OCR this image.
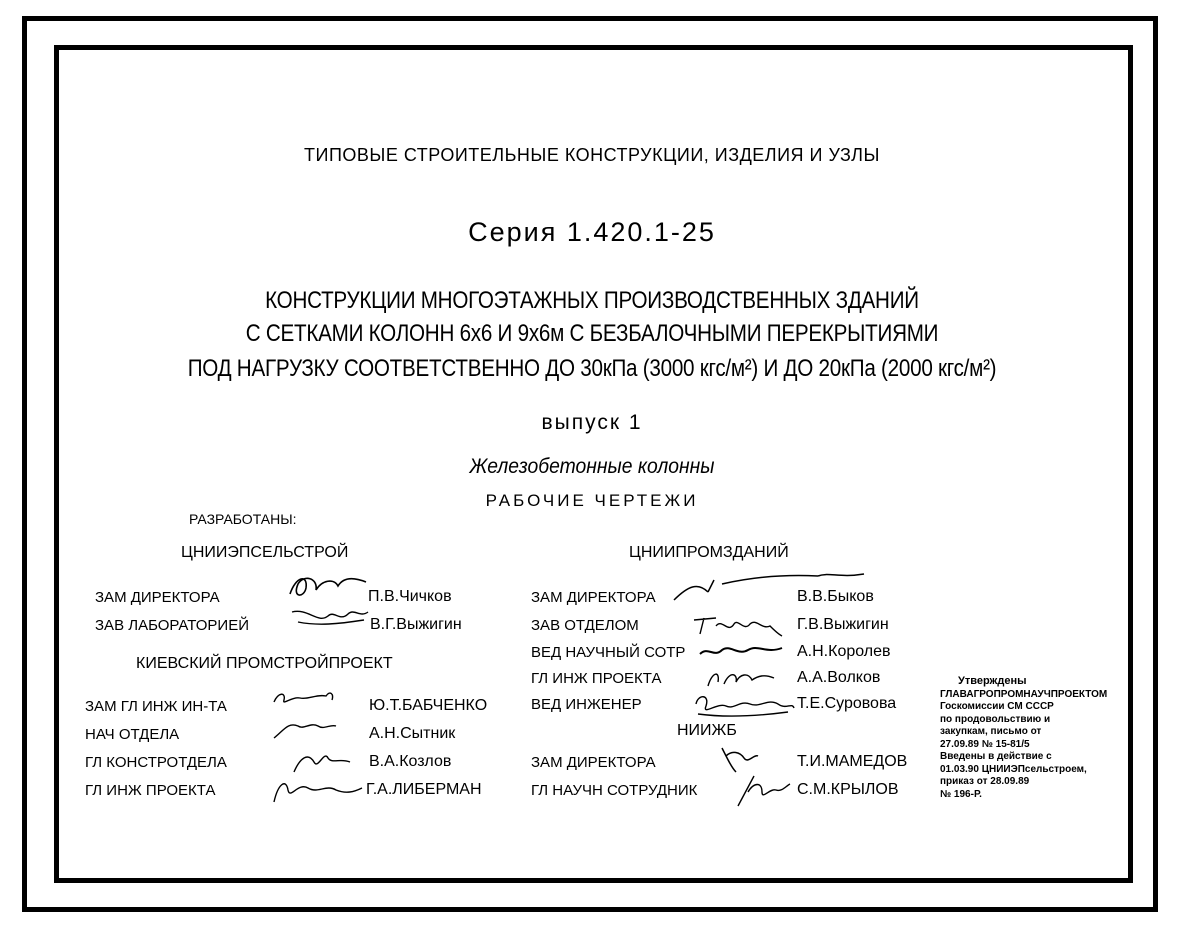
ТИПОВЫЕ СТРОИТЕЛЬНЫЕ КОНСТРУКЦИИ, ИЗДЕЛИЯ И УЗЛЫ
Серия 1.420.1-25
КОНСТРУКЦИИ МНОГОЭТАЖНЫХ ПРОИЗВОДСТВЕННЫХ ЗДАНИЙ
С СЕТКАМИ КОЛОНН 6x6 И 9x6м С БЕЗБАЛОЧНЫМИ ПЕРЕКРЫТИЯМИ
ПОД НАГРУЗКУ СООТВЕТСТВЕННО ДО 30кПа (3000 кгс/м²) И ДО 20кПа (2000 кгс/м²)
выпуск 1
Железобетонные колонны
РАБОЧИЕ ЧЕРТЕЖИ
РАЗРАБОТАНЫ:
ЦНИИЭПСЕЛЬСТРОЙ
ЗАМ ДИРЕКТОРА	П.В.Чичков
ЗАВ ЛАБОРАТОРИЕЙ	В.Г.Выжигин
КИЕВСКИЙ ПРОМСТРОЙПРОЕКТ
ЗАМ ГЛ ИНЖ ИН-ТА	Ю.Т.БАБЧЕНКО
НАЧ ОТДЕЛА	А.Н.Сытник
ГЛ КОНСТРОТДЕЛА	В.А.Козлов
ГЛ ИНЖ ПРОЕКТА	Г.А.ЛИБЕРМАН
ЦНИИПРОМЗДАНИЙ
ЗАМ ДИРЕКТОРА	В.В.Быков
ЗАВ ОТДЕЛОМ	Г.В.Выжигин
ВЕД НАУЧНЫЙ СОТР	А.Н.Королев
ГЛ ИНЖ ПРОЕКТА	А.А.Волков
ВЕД ИНЖЕНЕР	Т.Е.Суровова
НИИЖБ
ЗАМ ДИРЕКТОРА	Т.И.МАМЕДОВ
ГЛ НАУЧН СОТРУДНИК	С.М.КРЫЛОВ
Утверждены
ГЛАВАГРОПРОМНАУЧПРОЕКТОМ
Госкомиссии СМ СССР
по продовольствию и
закупкам, письмо от
27.09.89 № 15-81/5
Введены в действие с
01.03.90 ЦНИИЭПсельстроем,
приказ от 28.09.89
№ 196-Р.
